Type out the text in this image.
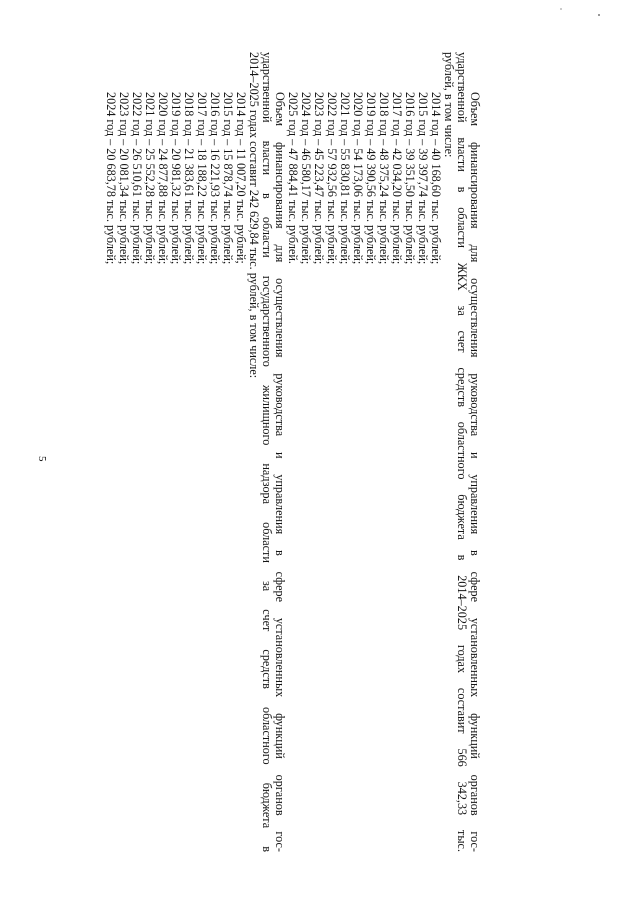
5	Объем финансирования для осуществления руководства и управления в сфере установленных функций органов гос-
ударственной власти в области ЖКХ за счет средств областного бюджета в 2014–2025 годах составит 566 342,33 тыс.
рублей, в том числе:
2014 год – 40 168,60 тыс. рублей;
2015 год – 39 397,74 тыс. рублей;
2016 год – 39 351,50 тыс. рублей;
2017 год – 42 034,20 тыс. рублей;
2018 год – 48 375,24 тыс. рублей;
2019 год – 49 390,56 тыс. рублей;
2020 год – 54 173,06 тыс. рублей;
2021 год – 55 830,81 тыс. рублей;
2022 год – 57 932,56 тыс. рублей;
2023 год – 45 223,47 тыс. рублей;
2024 год – 46 580,17 тыс. рублей;
2025 год – 47 884,41 тыс. рублей.
Объем финансирования для осуществления руководства и управления в сфере установленных функций органов гос-
ударственной власти в области государственного жилищного надзора области за счет средств областного бюджета в
2014–2025 годах составит 242 629,84 тыс. рублей, в том числе:
2014 год – 11 007,20 тыс. рублей;
2015 год – 15 878,74 тыс. рублей;
2016 год – 16 221,93 тыс. рублей;
2017 год – 18 188,22 тыс. рублей;
2018 год – 21 383,61 тыс. рублей;
2019 год – 20 981,32 тыс. рублей;
2020 год – 24 877,88 тыс. рублей;
2021 год – 25 552,28 тыс. рублей;
2022 год – 26 510,61 тыс. рублей;
2023 год – 20 081,34 тыс. рублей;
2024 год – 20 683,78 тыс. рублей;
